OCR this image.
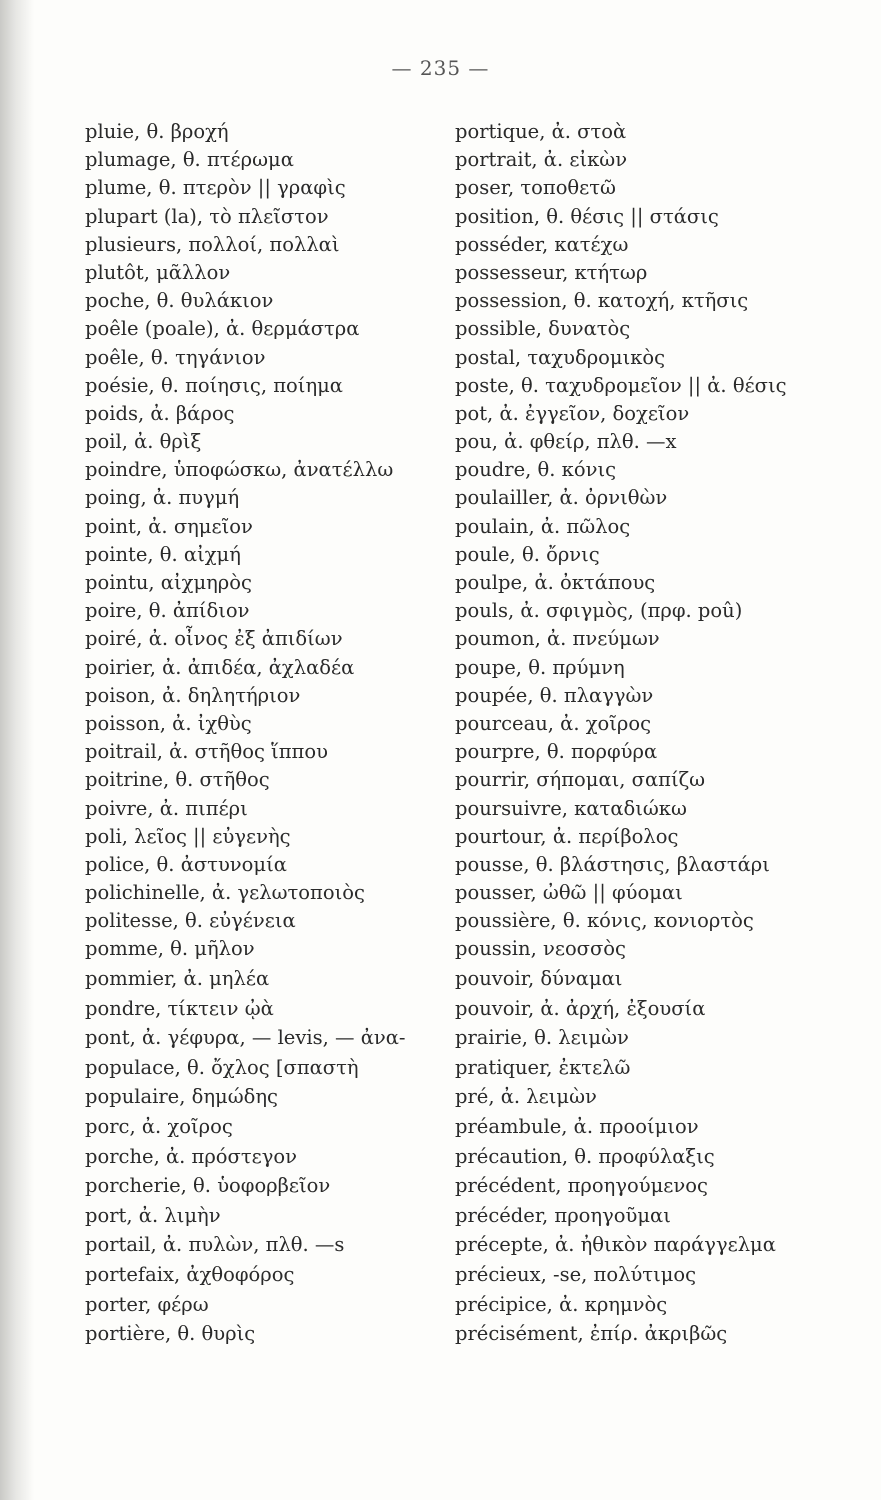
— 235 —
pluie, θ. βροχή
plumage, θ. πτέρωμα
plume, θ. πτερὸν || γραφὶς
plupart (la), τὸ πλεῖστον
plusieurs, πολλοί, πολλαὶ
plutôt, μᾶλλον
poche, θ. θυλάκιον
poêle (poale), ἀ. θερμάστρα
poêle, θ. τηγάνιον
poésie, θ. ποίησις, ποίημα
poids, ἀ. βάρος
poil, ἀ. θρὶξ
poindre, ὑποφώσκω, ἀνατέλλω
poing, ἀ. πυγμή
point, ἀ. σημεῖον
pointe, θ. αἰχμή
pointu, αἰχμηρὸς
poire, θ. ἀπίδιον
poiré, ἀ. οἶνος ἐξ ἀπιδίων
poirier, ἀ. ἀπιδέα, ἀχλαδέα
poison, ἀ. δηλητήριον
poisson, ἀ. ἰχθὺς
poitrail, ἀ. στῆθος ἵππου
poitrine, θ. στῆθος
poivre, ἀ. πιπέρι
poli, λεῖος || εὐγενὴς
police, θ. ἀστυνομία
polichinelle, ἀ. γελωτοποιὸς
politesse, θ. εὐγένεια
pomme, θ. μῆλον
pommier, ἀ. μηλέα
pondre, τίκτειν ᾠὰ
pont, ἀ. γέφυρα, — levis, — ἀνα-
populace, θ. ὄχλος [σπαστὴ
populaire, δημώδης
porc, ἀ. χοῖρος
porche, ἀ. πρόστεγον
porcherie, θ. ὑοφορβεῖον
port, ἀ. λιμὴν
portail, ἀ. πυλὼν, πλθ. —s
portefaix, ἀχθοφόρος
porter, φέρω
portière, θ. θυρὶς
portique, ἀ. στοὰ
portrait, ἀ. εἰκὼν
poser, τοποθετῶ
position, θ. θέσις || στάσις
posséder, κατέχω
possesseur, κτήτωρ
possession, θ. κατοχή, κτῆσις
possible, δυνατὸς
postal, ταχυδρομικὸς
poste, θ. ταχυδρομεῖον || ἀ. θέσις
pot, ἀ. ἐγγεῖον, δοχεῖον
pou, ἀ. φθείρ, πλθ. —x
poudre, θ. κόνις
poulailler, ἀ. ὀρνιθὼν
poulain, ἀ. πῶλος
poule, θ. ὄρνις
poulpe, ἀ. ὀκτάπους
pouls, ἀ. σφιγμὸς, (πρφ. poû)
poumon, ἀ. πνεύμων
poupe, θ. πρύμνη
poupée, θ. πλαγγὼν
pourceau, ἀ. χοῖρος
pourpre, θ. πορφύρα
pourrir, σήπομαι, σαπίζω
poursuivre, καταδιώκω
pourtour, ἀ. περίβολος
pousse, θ. βλάστησις, βλαστάρι
pousser, ὠθῶ || φύομαι
poussière, θ. κόνις, κονιορτὸς
poussin, νεοσσὸς
pouvoir, δύναμαι
pouvoir, ἀ. ἀρχή, ἐξουσία
prairie, θ. λειμὼν
pratiquer, ἐκτελῶ
pré, ἀ. λειμὼν
préambule, ἀ. προοίμιον
précaution, θ. προφύλαξις
précédent, προηγούμενος
précéder, προηγοῦμαι
précepte, ἀ. ἠθικὸν παράγγελμα
précieux, -se, πολύτιμος
précipice, ἀ. κρημνὸς
précisément, ἐπίρ. ἀκριβῶς
